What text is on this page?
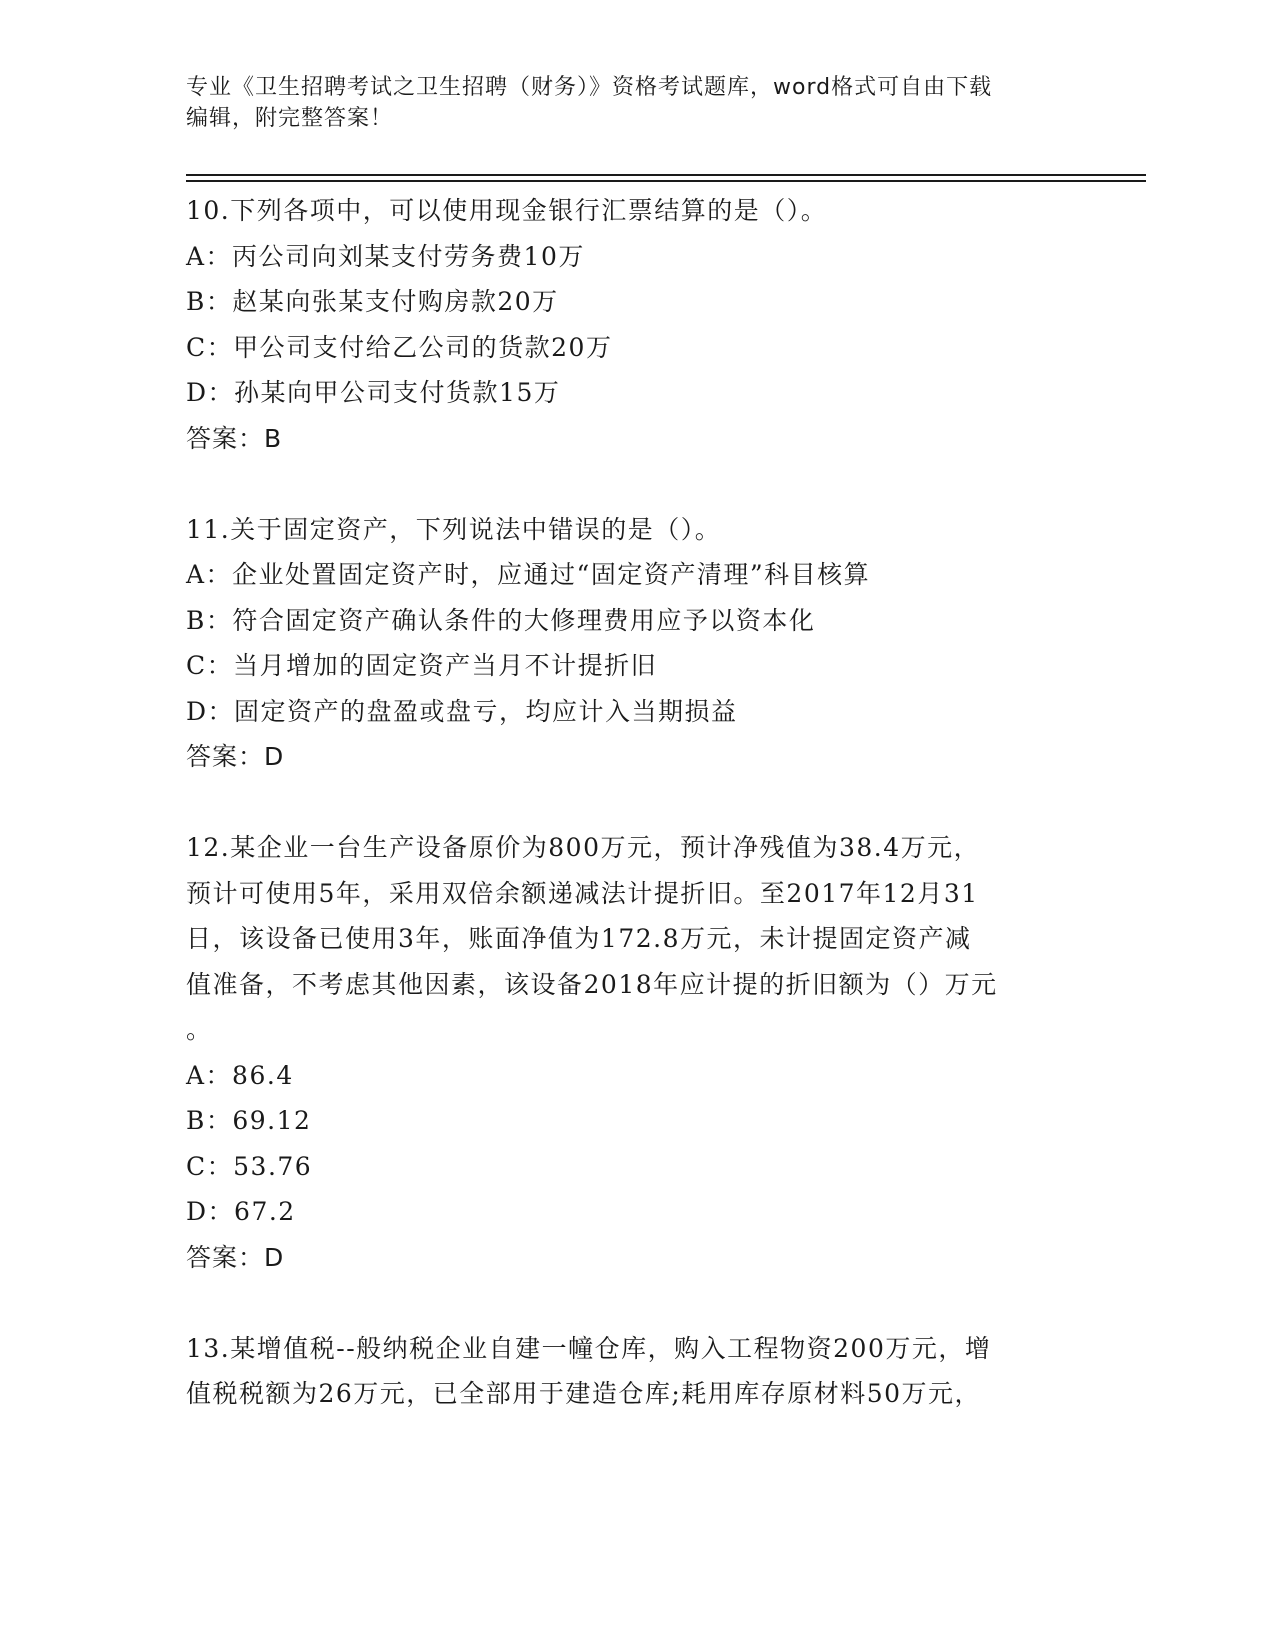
专业《卫生招聘考试之卫生招聘（财务）》资格考试题库，word格式可自由下载
编辑，附完整答案！
10.下列各项中，可以使用现金银行汇票结算的是（）。
A：丙公司向刘某支付劳务费10万
B：赵某向张某支付购房款20万
C：甲公司支付给乙公司的货款20万
D：孙某向甲公司支付货款15万
答案：B
11.关于固定资产，下列说法中错误的是（）。
A：企业处置固定资产时，应通过“固定资产清理”科目核算
B：符合固定资产确认条件的大修理费用应予以资本化
C：当月增加的固定资产当月不计提折旧
D：固定资产的盘盈或盘亏，均应计入当期损益
答案：D
12.某企业一台生产设备原价为800万元，预计净残值为38.4万元，
预计可使用5年，采用双倍余额递减法计提折旧。至2017年12月31
日，该设备已使用3年，账面净值为172.8万元，未计提固定资产减
值准备，不考虑其他因素，该设备2018年应计提的折旧额为（）万元
。
A：86.4
B：69.12
C：53.76
D：67.2
答案：D
13.某增值税--般纳税企业自建一幢仓库，购入工程物资200万元，增
值税税额为26万元，已全部用于建造仓库;耗用库存原材料50万元，
